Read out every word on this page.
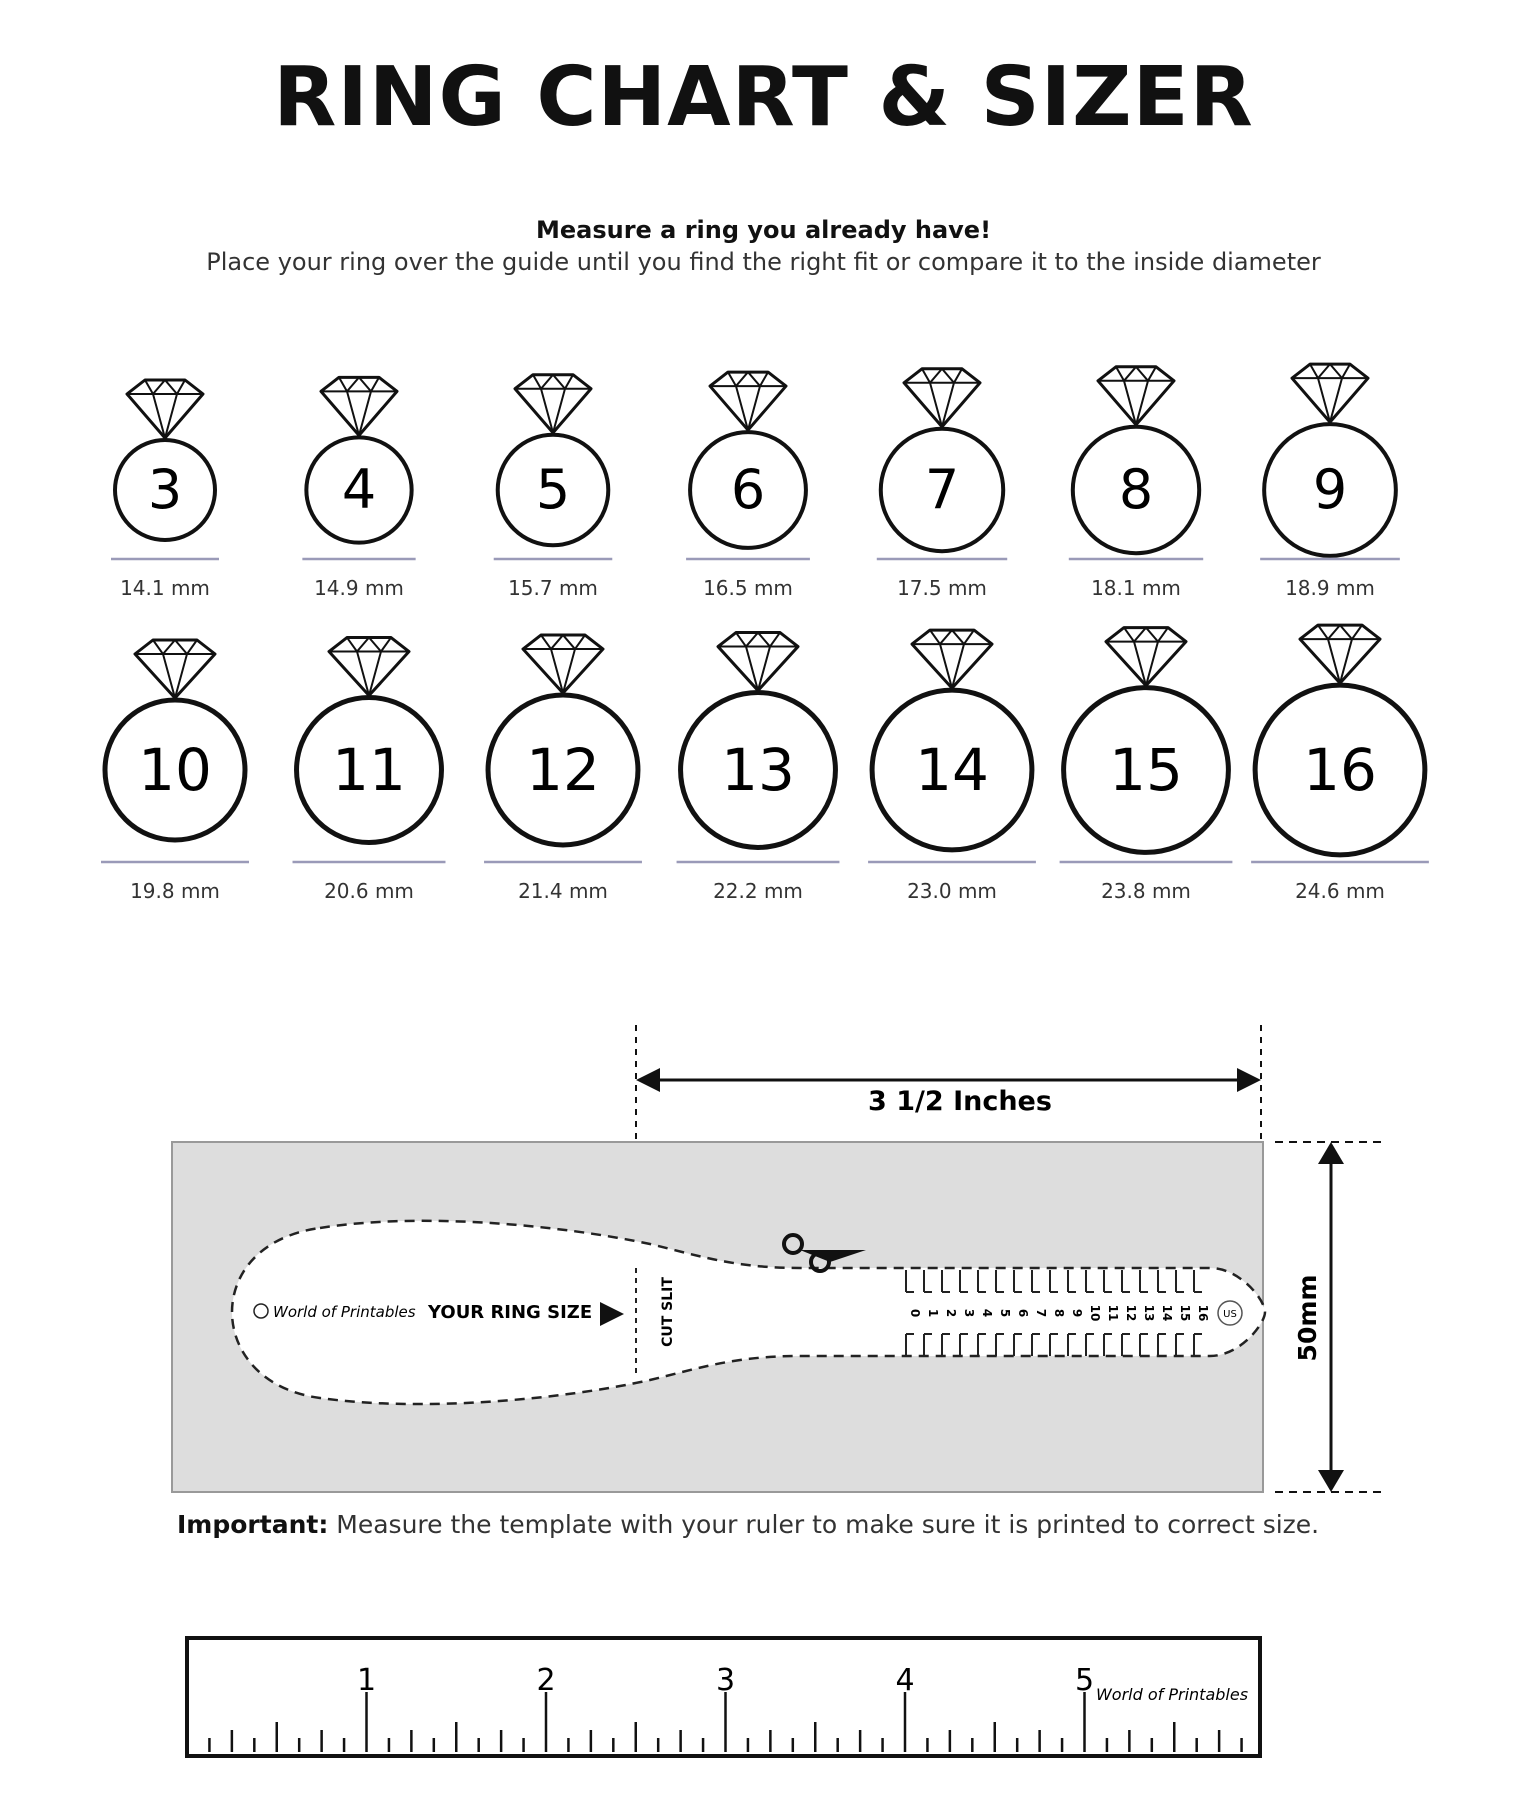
RING CHART & SIZER
Measure a ring you already have!
Place your ring over the guide until you find the right fit or compare it to the inside diameter
3
14.1 mm
4
14.9 mm
5
15.7 mm
6
16.5 mm
7
17.5 mm
8
18.1 mm
9
18.9 mm
10
19.8 mm
11
20.6 mm
12
21.4 mm
13
22.2 mm
14
23.0 mm
15
23.8 mm
16
24.6 mm
3 1/2 Inches
50mm
CUT SLIT
World of Printables YOUR RING SIZE	0 1 2 3 4 5 6 7 8 9 10 11 12 13 14 15 16 US
World of Printables
1	2	3	4	5
Important: Measure the template with your ruler to make sure it is printed to correct size.
